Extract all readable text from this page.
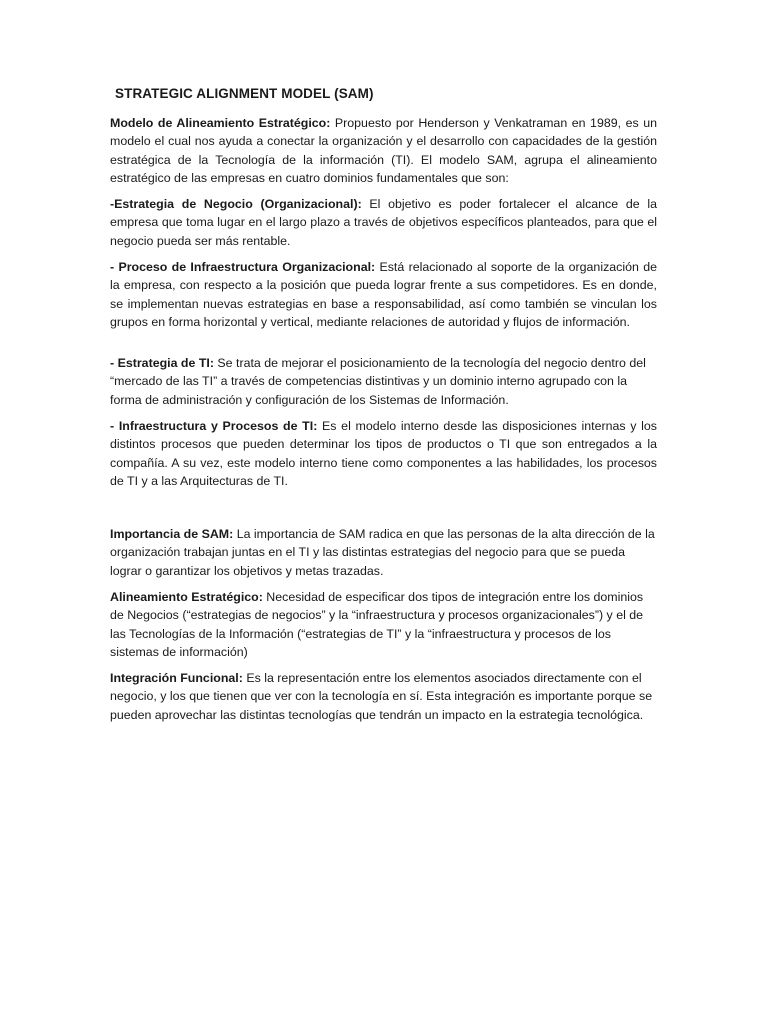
STRATEGIC ALIGNMENT MODEL (SAM)

Modelo de Alineamiento Estratégico: Propuesto por Henderson y Venkatraman en 1989, es un modelo el cual nos ayuda a conectar la organización y el desarrollo con capacidades de la gestión estratégica de la Tecnología de la información (TI). El modelo SAM, agrupa el alineamiento estratégico de las empresas en cuatro dominios fundamentales que son:

-Estrategia de Negocio (Organizacional): El objetivo es poder fortalecer el alcance de la empresa que toma lugar en el largo plazo a través de objetivos específicos planteados, para que el negocio pueda ser más rentable.

- Proceso de Infraestructura Organizacional: Está relacionado al soporte de la organización de la empresa, con respecto a la posición que pueda lograr frente a sus competidores. Es en donde, se implementan nuevas estrategias en base a responsabilidad, así como también se vinculan los grupos en forma horizontal y vertical, mediante relaciones de autoridad y flujos de información.

- Estrategia de TI: Se trata de mejorar el posicionamiento de la tecnología del negocio dentro del “mercado de las TI” a través de competencias distintivas y un dominio interno agrupado con la forma de administración y configuración de los Sistemas de Información.

- Infraestructura y Procesos de TI: Es el modelo interno desde las disposiciones internas y los distintos procesos que pueden determinar los tipos de productos o TI que son entregados a la compañía. A su vez, este modelo interno tiene como componentes a las habilidades, los procesos de TI y a las Arquitecturas de TI.

Importancia de SAM: La importancia de SAM radica en que las personas de la alta dirección de la organización trabajan juntas en el TI y las distintas estrategias del negocio para que se pueda lograr o garantizar los objetivos y metas trazadas.

Alineamiento Estratégico: Necesidad de especificar dos tipos de integración entre los dominios de Negocios (“estrategias de negocios” y la “infraestructura y procesos organizacionales”) y el de las Tecnologías de la Información (“estrategias de TI” y la “infraestructura y procesos de los sistemas de información)

Integración Funcional: Es la representación entre los elementos asociados directamente con el negocio, y los que tienen que ver con la tecnología en sí. Esta integración es importante porque se pueden aprovechar las distintas tecnologías que tendrán un impacto en la estrategia tecnológica.
